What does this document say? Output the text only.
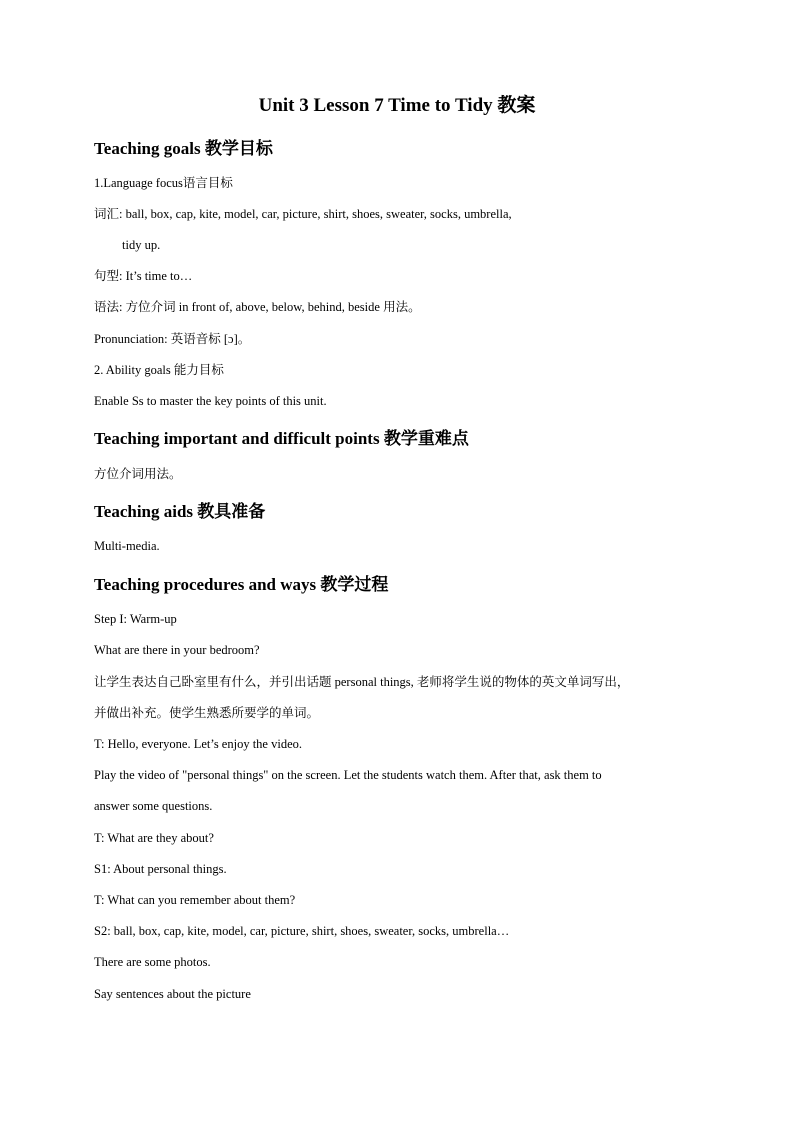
Unit 3 Lesson 7 Time to Tidy 教案
Teaching goals 教学目标
1.Language focus语言目标
词汇: ball, box, cap, kite, model, car, picture, shirt, shoes, sweater, socks, umbrella,
tidy up.
句型: It’s time to…
语法: 方位介词 in front of, above, below, behind, beside 用法。
Pronunciation: 英语音标 [ɔ]。
2. Ability goals 能力目标
Enable Ss to master the key points of this unit.
Teaching important and difficult points 教学重难点
方位介词用法。
Teaching aids 教具准备
Multi-media.
Teaching procedures and ways 教学过程
Step I: Warm-up
What are there in your bedroom?
让学生表达自己卧室里有什么，并引出话题 personal things, 老师将学生说的物体的英文单词写出，
并做出补充。使学生熟悉所要学的单词。
T: Hello, everyone. Let’s enjoy the video.
Play the video of "personal things" on the screen. Let the students watch them. After that, ask them to
answer some questions.
T: What are they about?
S1: About personal things.
T: What can you remember about them?
S2: ball, box, cap, kite, model, car, picture, shirt, shoes, sweater, socks, umbrella…
There are some photos.
Say sentences about the picture
